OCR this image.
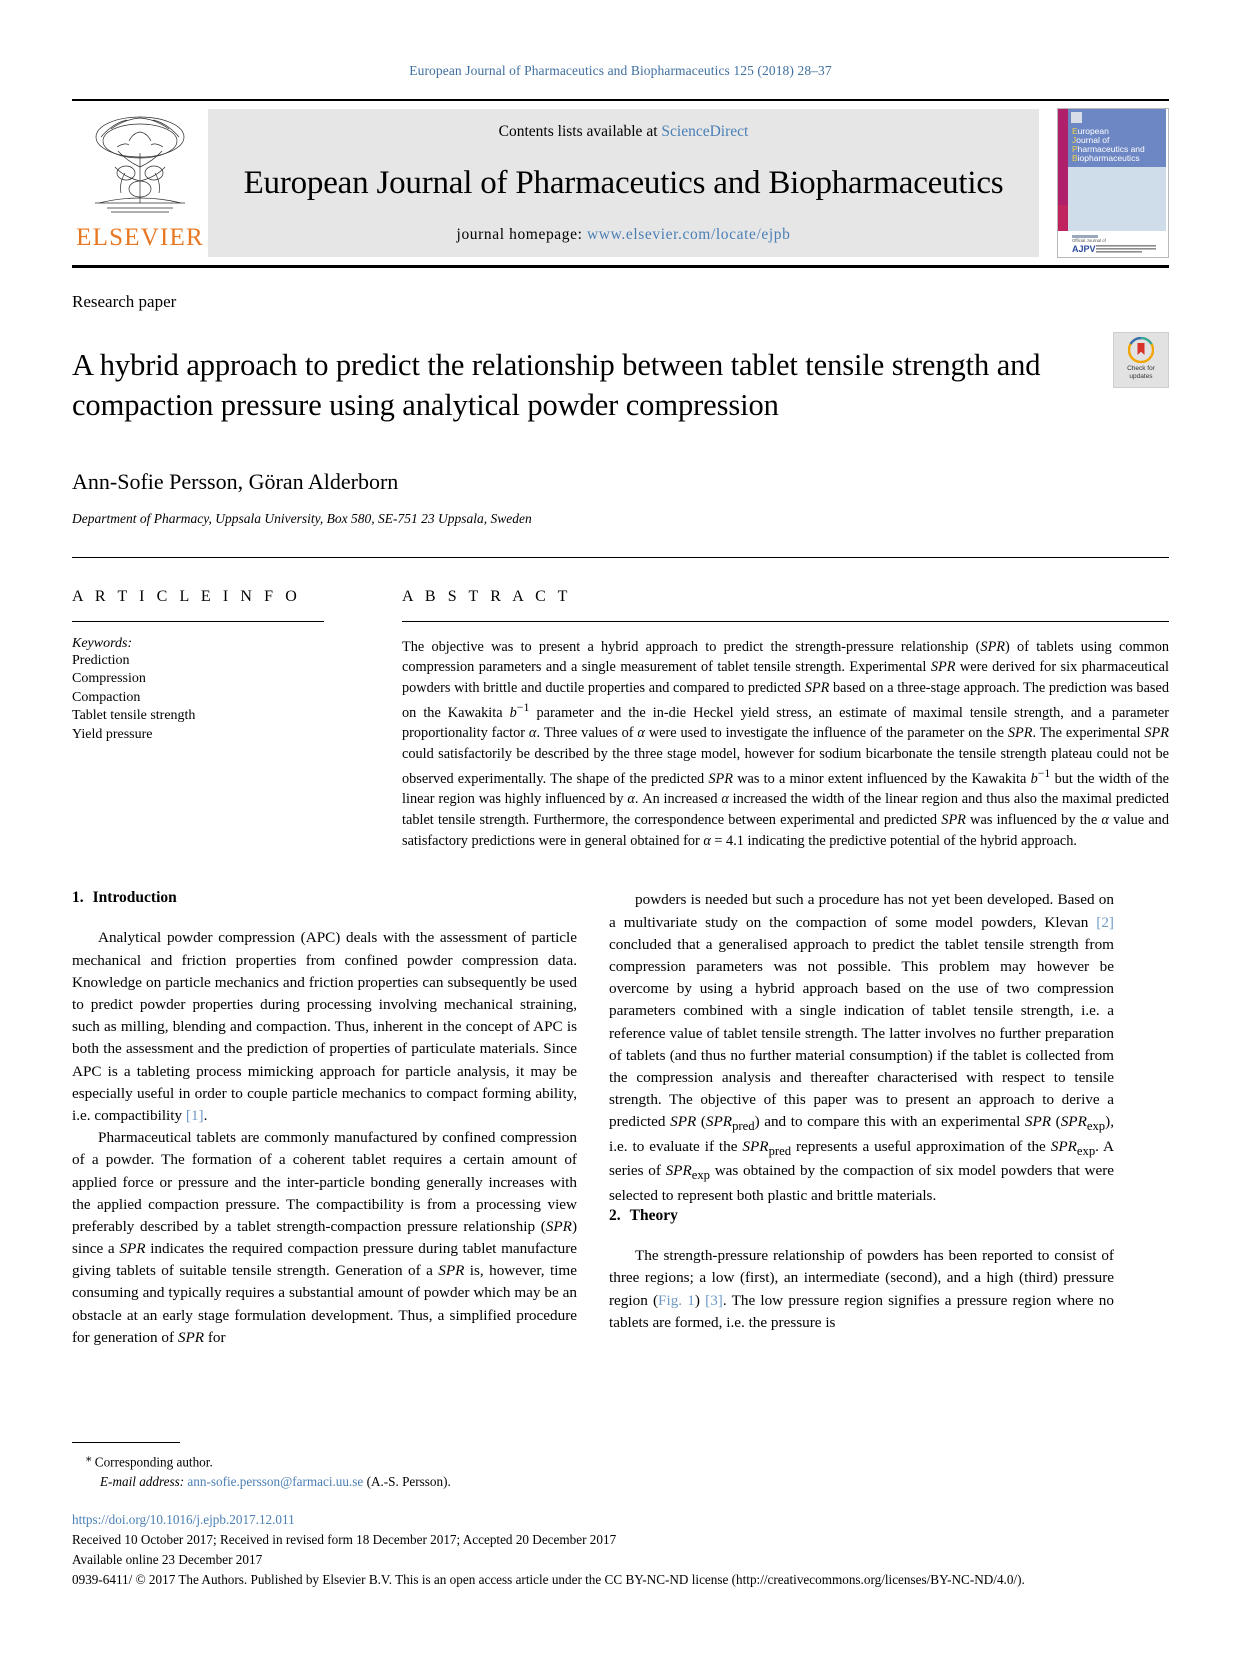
European Journal of Pharmaceutics and Biopharmaceutics 125 (2018) 28–37
ELSEVIER
Contents lists available at ScienceDirect
European Journal of Pharmaceutics and Biopharmaceutics
journal homepage: www.elsevier.com/locate/ejpb
European
Journal of
Pharmaceutics and
Biopharmaceutics
Official Journal of
AJPV
Research paper
A hybrid approach to predict the relationship between tablet tensile strength and compaction pressure using analytical powder compression
Check for
updates
Ann-Sofie Persson, Göran Alderborn
Department of Pharmacy, Uppsala University, Box 580, SE-751 23 Uppsala, Sweden
A R T I C L E I N F O
Keywords:
Prediction
Compression
Compaction
Tablet tensile strength
Yield pressure
A B S T R A C T
The objective was to present a hybrid approach to predict the strength-pressure relationship (SPR) of tablets using common compression parameters and a single measurement of tablet tensile strength. Experimental SPR were derived for six pharmaceutical powders with brittle and ductile properties and compared to predicted SPR based on a three-stage approach. The prediction was based on the Kawakita $b^{-1}$ parameter and the in-die Heckel yield stress, an estimate of maximal tensile strength, and a parameter proportionality factor α. Three values of α were used to investigate the influence of the parameter on the SPR. The experimental SPR could satisfactorily be described by the three stage model, however for sodium bicarbonate the tensile strength plateau could not be observed experimentally. The shape of the predicted SPR was to a minor extent influenced by the Kawakita $b^{-1}$ but the width of the linear region was highly influenced by α. An increased α increased the width of the linear region and thus also the maximal predicted tablet tensile strength. Furthermore, the correspondence between experimental and predicted SPR was influenced by the α value and satisfactory predictions were in general obtained for α = 4.1 indicating the predictive potential of the hybrid approach.
1. Introduction

Analytical powder compression (APC) deals with the assessment of particle mechanical and friction properties from confined powder compression data. Knowledge on particle mechanics and friction properties can subsequently be used to predict powder properties during processing involving mechanical straining, such as milling, blending and compaction. Thus, inherent in the concept of APC is both the assessment and the prediction of properties of particulate materials. Since APC is a tableting process mimicking approach for particle analysis, it may be especially useful in order to couple particle mechanics to compact forming ability, i.e. compactibility [1].

Pharmaceutical tablets are commonly manufactured by confined compression of a powder. The formation of a coherent tablet requires a certain amount of applied force or pressure and the inter-particle bonding generally increases with the applied compaction pressure. The compactibility is from a processing view preferably described by a tablet strength-compaction pressure relationship (SPR) since a SPR indicates the required compaction pressure during tablet manufacture giving tablets of suitable tensile strength. Generation of a SPR is, however, time consuming and typically requires a substantial amount of powder which may be an obstacle at an early stage formulation development. Thus, a simplified procedure for generation of SPR for

powders is needed but such a procedure has not yet been developed. Based on a multivariate study on the compaction of some model powders, Klevan [2] concluded that a generalised approach to predict the tablet tensile strength from compression parameters was not possible. This problem may however be overcome by using a hybrid approach based on the use of two compression parameters combined with a single indication of tablet tensile strength, i.e. a reference value of tablet tensile strength. The latter involves no further preparation of tablets (and thus no further material consumption) if the tablet is collected from the compression analysis and thereafter characterised with respect to tensile strength. The objective of this paper was to present an approach to derive a predicted SPR $(SPR_{pred})$ and to compare this with an experimental SPR $(SPR_{exp})$, i.e. to evaluate if the $SPR_{pred}$ represents a useful approximation of the $SPR_{exp}$. A series of $SPR_{exp}$ was obtained by the compaction of six model powders that were selected to represent both plastic and brittle materials.

2. Theory

The strength-pressure relationship of powders has been reported to consist of three regions; a low (first), an intermediate (second), and a high (third) pressure region (Fig. 1) [3]. The low pressure region signifies a pressure region where no tablets are formed, i.e. the pressure is

⁎ Corresponding author.
E-mail address: ann-sofie.persson@farmaci.uu.se (A.-S. Persson).
https://doi.org/10.1016/j.ejpb.2017.12.011
Received 10 October 2017; Received in revised form 18 December 2017; Accepted 20 December 2017
Available online 23 December 2017
0939-6411/ © 2017 The Authors. Published by Elsevier B.V. This is an open access article under the CC BY-NC-ND license (http://creativecommons.org/licenses/BY-NC-ND/4.0/).
